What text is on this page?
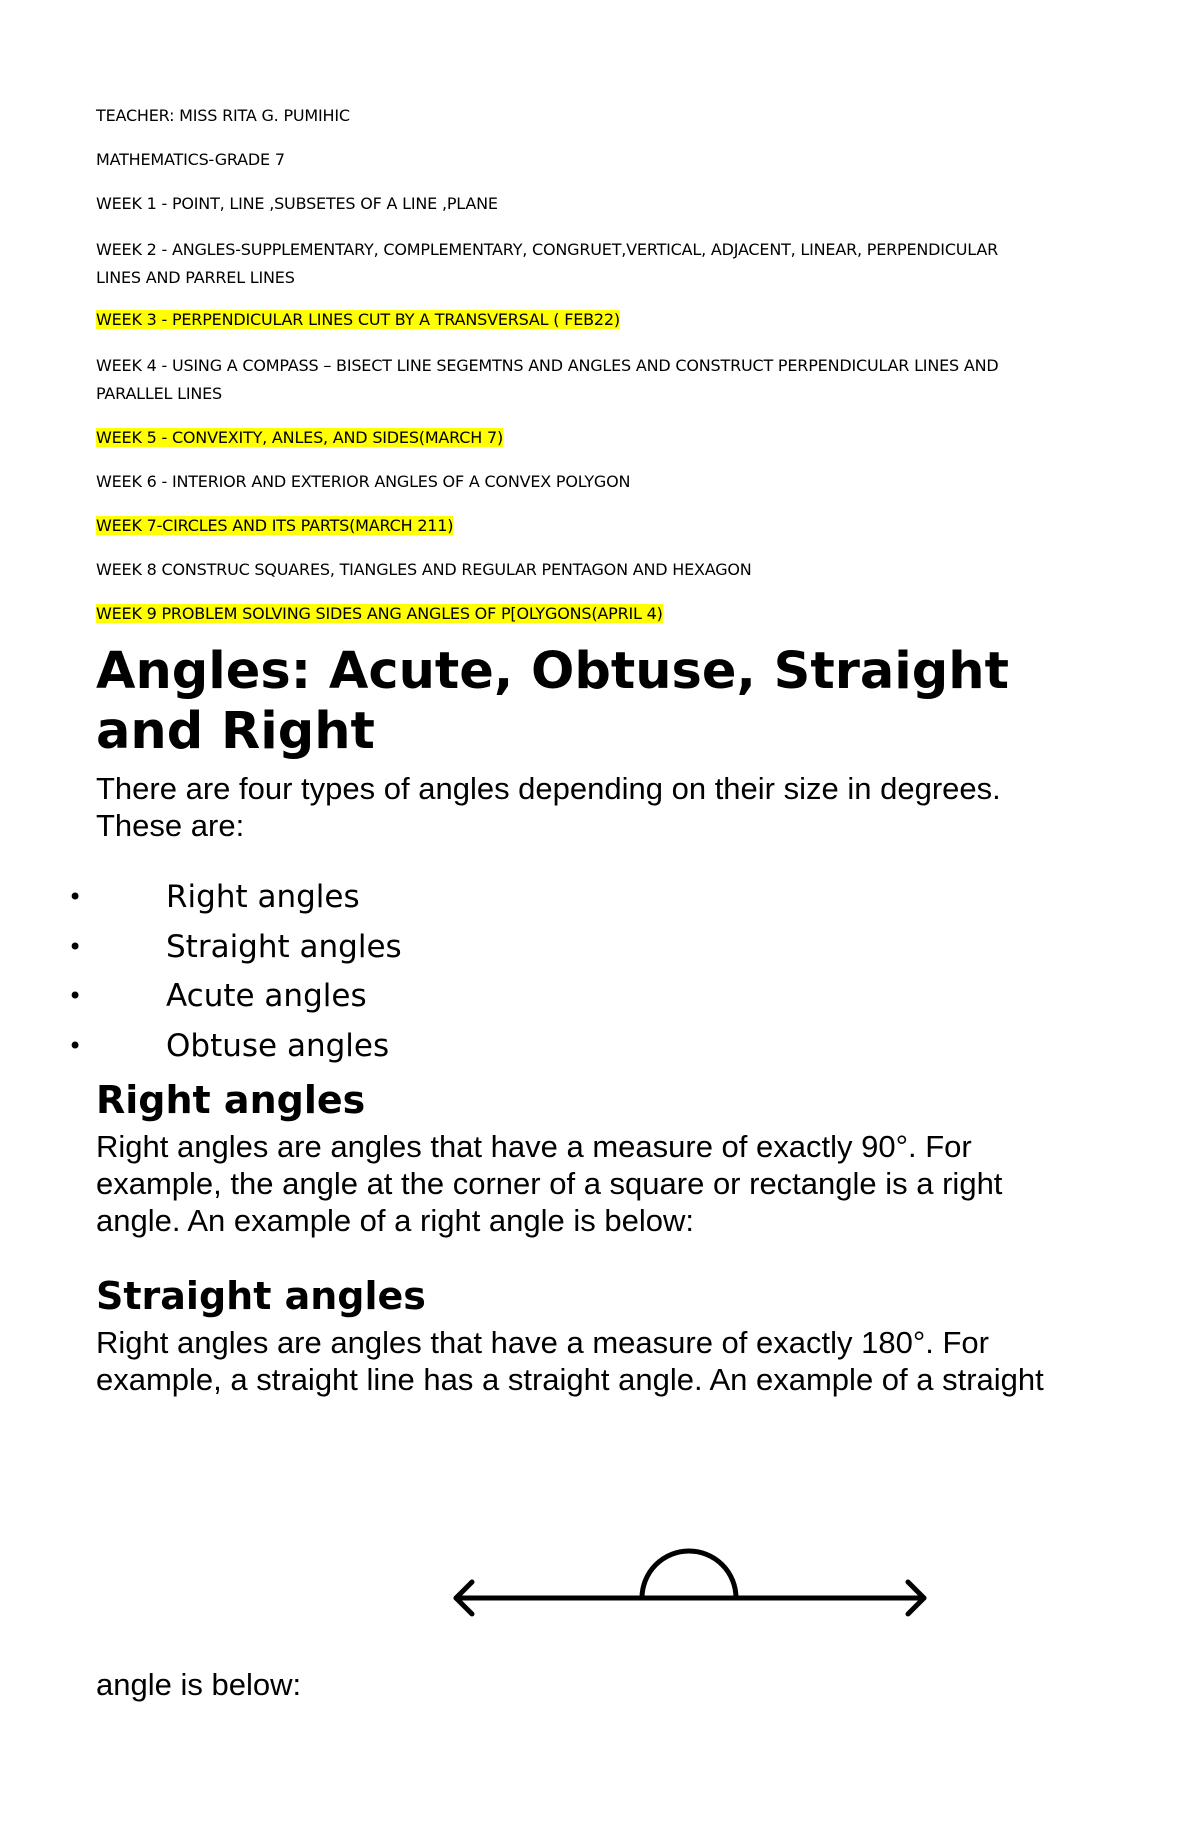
TEACHER: MISS RITA G. PUMIHIC

MATHEMATICS-GRADE 7

WEEK 1 - POINT, LINE ,SUBSETES OF A LINE ,PLANE

WEEK 2 - ANGLES-SUPPLEMENTARY, COMPLEMENTARY, CONGRUET,VERTICAL, ADJACENT, LINEAR, PERPENDICULAR

LINES AND PARREL LINES

WEEK 3 - PERPENDICULAR LINES CUT BY A TRANSVERSAL ( FEB22)

WEEK 4 - USING A COMPASS – BISECT LINE SEGEMTNS AND ANGLES AND CONSTRUCT PERPENDICULAR LINES AND

PARALLEL LINES

WEEK 5 - CONVEXITY, ANLES, AND SIDES(MARCH 7)

WEEK 6 - INTERIOR AND EXTERIOR ANGLES OF A CONVEX POLYGON

WEEK 7-CIRCLES AND ITS PARTS(MARCH 211)

WEEK 8 CONSTRUC SQUARES, TIANGLES AND REGULAR PENTAGON AND HEXAGON

WEEK 9 PROBLEM SOLVING SIDES ANG ANGLES OF P[OLYGONS(APRIL 4)

Angles: Acute, Obtuse, Straight
and Right

There are four types of angles depending on their size in degrees.
These are:

•	Right angles
•	Straight angles
•	Acute angles
•	Obtuse angles
Right angles

Right angles are angles that have a measure of exactly 90°. For
example, the angle at the corner of a square or rectangle is a right
angle. An example of a right angle is below:

Straight angles

Right angles are angles that have a measure of exactly 180°. For
example, a straight line has a straight angle. An example of a straight

angle is below:
